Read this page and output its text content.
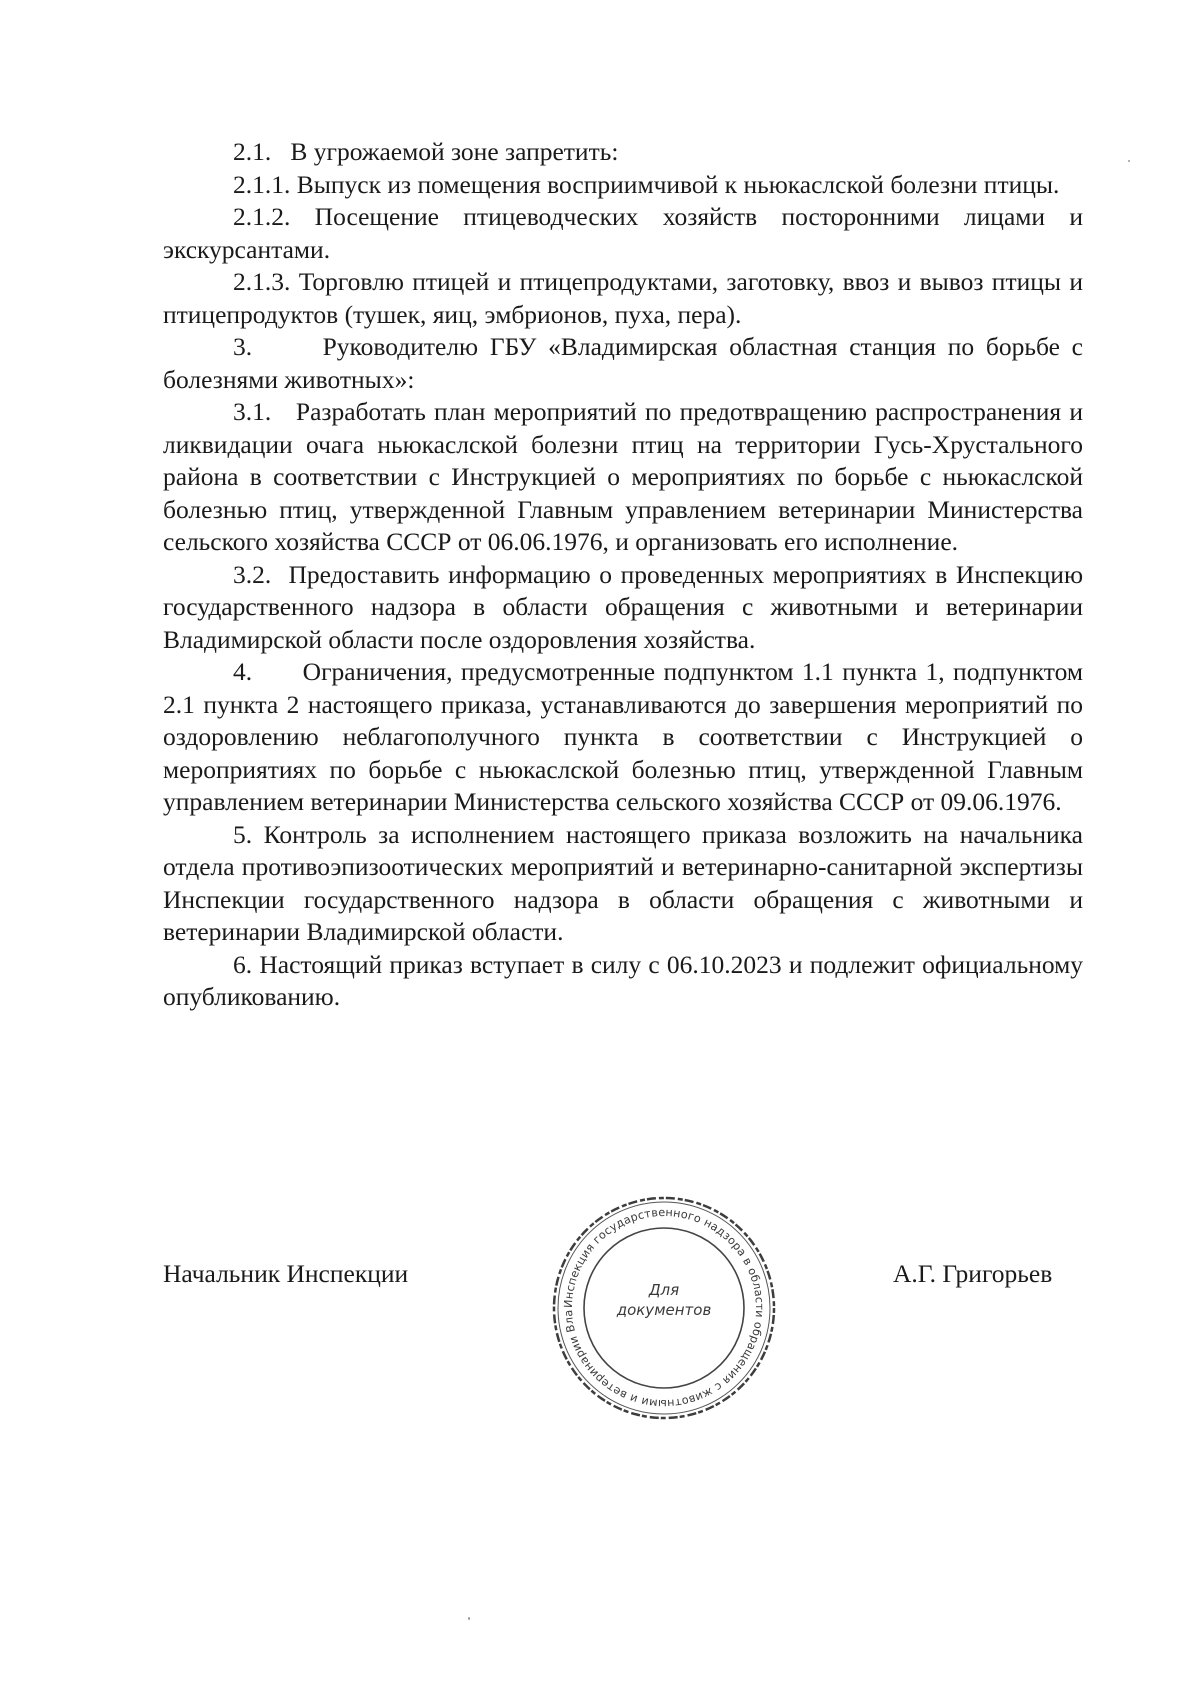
2.1.   В угрожаемой зоне запретить:

2.1.1. Выпуск из помещения восприимчивой к ньюкаслской болезни птицы.

2.1.2. Посещение птицеводческих хозяйств посторонними лицами и экскурсантами.

2.1.3. Торговлю птицей и птицепродуктами, заготовку, ввоз и вывоз птицы и птицепродуктов (тушек, яиц, эмбрионов, пуха, пера).

3.      Руководителю ГБУ «Владимирская областная станция по борьбе с болезнями животных»:

3.1.   Разработать план мероприятий по предотвращению распространения и ликвидации очага ньюкаслской болезни птиц на территории Гусь-Хрустального района в соответствии с Инструкцией о мероприятиях по борьбе с ньюкаслской болезнью птиц, утвержденной Главным управлением ветеринарии Министерства сельского хозяйства СССР от 06.06.1976, и организовать его исполнение.

3.2.  Предоставить информацию о проведенных мероприятиях в Инспекцию государственного надзора в области обращения с животными и ветеринарии Владимирской области после оздоровления хозяйства.

4.      Ограничения, предусмотренные подпунктом 1.1 пункта 1, подпунктом 2.1 пункта 2 настоящего приказа, устанавливаются до завершения мероприятий по оздоровлению неблагополучного пункта в соответствии с Инструкцией о мероприятиях по борьбе с ньюкаслской болезнью птиц, утвержденной Главным управлением ветеринарии Министерства сельского хозяйства СССР от 09.06.1976.

5. Контроль за исполнением настоящего приказа возложить на начальника отдела противоэпизоотических мероприятий и ветеринарно-санитарной экспертизы Инспекции государственного надзора в области обращения с животными и ветеринарии Владимирской области.

6. Настоящий приказ вступает в силу с 06.10.2023 и подлежит официальному опубликованию.

Начальник Инспекции
Инспекция государственного надзора в области обращения с животными и ветеринарии Вла
Для
документов
А.Г. Григорьев
